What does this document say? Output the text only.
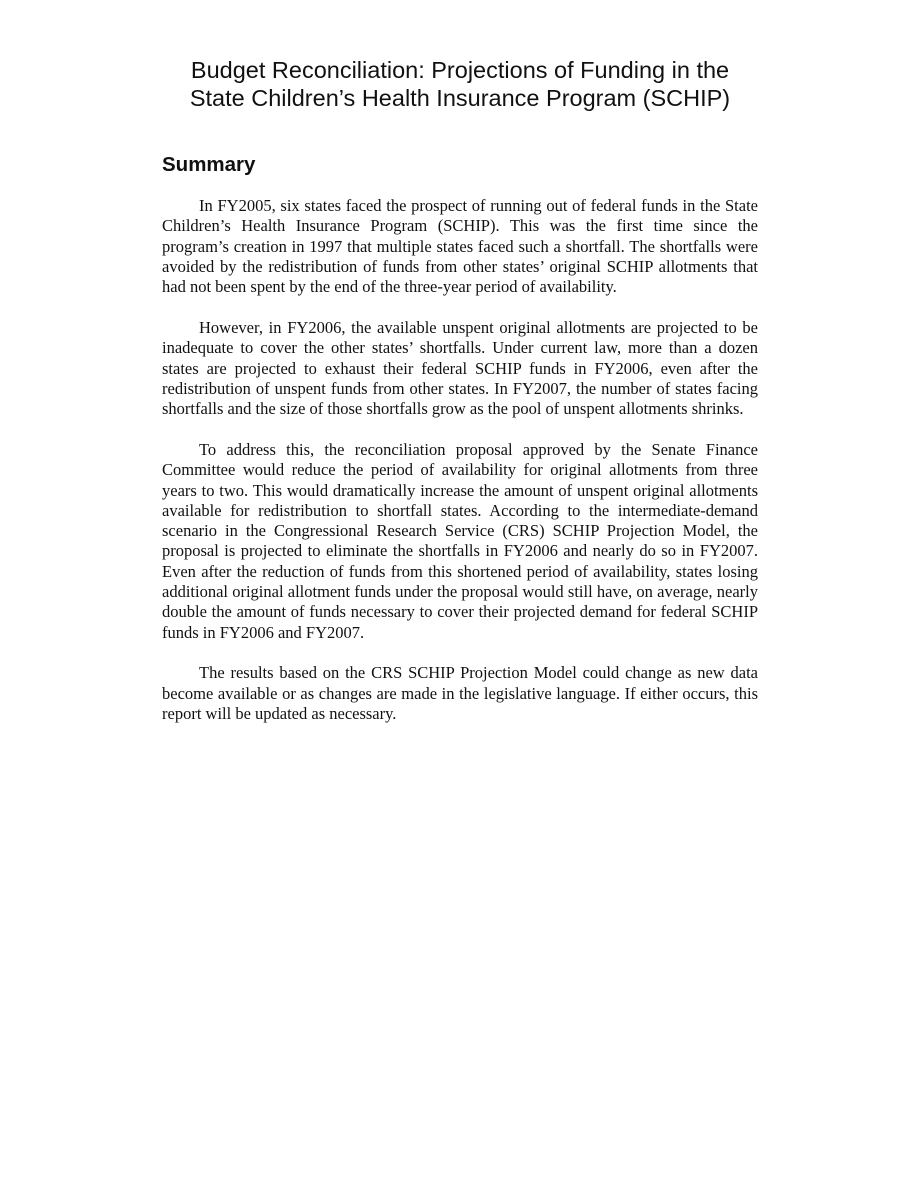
Budget Reconciliation: Projections of Funding in the
State Children’s Health Insurance Program (SCHIP)
Summary

In FY2005, six states faced the prospect of running out of federal funds in the State Children’s Health Insurance Program (SCHIP). This was the first time since the program’s creation in 1997 that multiple states faced such a shortfall. The shortfalls were avoided by the redistribution of funds from other states’ original SCHIP allotments that had not been spent by the end of the three-year period of availability.

However, in FY2006, the available unspent original allotments are projected to be inadequate to cover the other states’ shortfalls. Under current law, more than a dozen states are projected to exhaust their federal SCHIP funds in FY2006, even after the redistribution of unspent funds from other states. In FY2007, the number of states facing shortfalls and the size of those shortfalls grow as the pool of unspent allotments shrinks.

To address this, the reconciliation proposal approved by the Senate Finance Committee would reduce the period of availability for original allotments from three years to two. This would dramatically increase the amount of unspent original allotments available for redistribution to shortfall states. According to the intermediate-demand scenario in the Congressional Research Service (CRS) SCHIP Projection Model, the proposal is projected to eliminate the shortfalls in FY2006 and nearly do so in FY2007. Even after the reduction of funds from this shortened period of availability, states losing additional original allotment funds under the proposal would still have, on average, nearly double the amount of funds necessary to cover their projected demand for federal SCHIP funds in FY2006 and FY2007.

The results based on the CRS SCHIP Projection Model could change as new data become available or as changes are made in the legislative language. If either occurs, this report will be updated as necessary.
